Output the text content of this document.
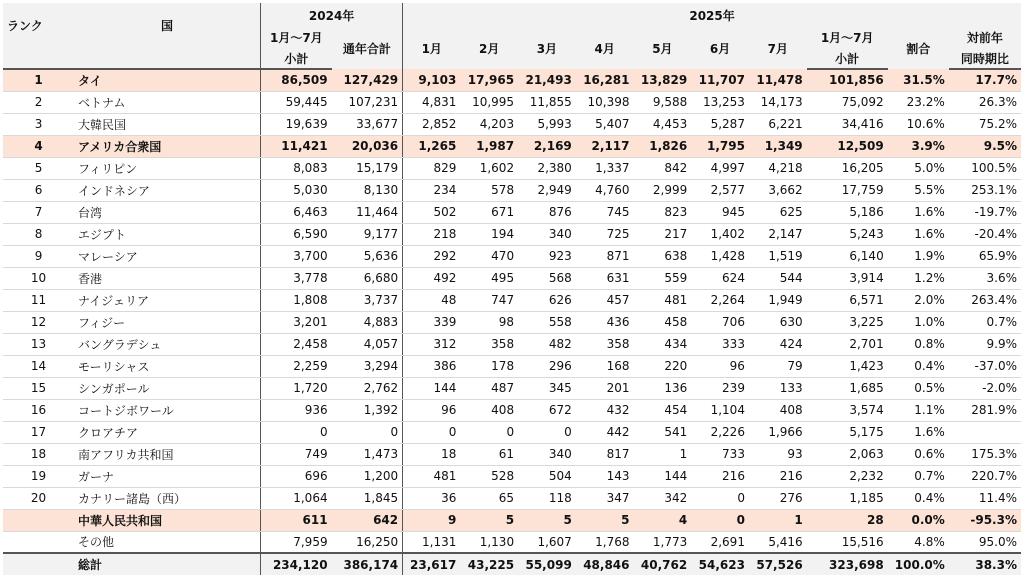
ランク	国	2024年		2025年									
		1月～7月	通年合計	1月	2月	3月	4月	5月	6月	7月	1月～7月	割合	対前年
		小計									小計		同時期比
1	タイ	86,509	127,429	9,103	17,965	21,493	16,281	13,829	11,707	11,478	101,856	31.5%	17.7%
2	ベトナム	59,445	107,231	4,831	10,995	11,855	10,398	9,588	13,253	14,173	75,092	23.2%	26.3%
3	大韓民国	19,639	33,677	2,852	4,203	5,993	5,407	4,453	5,287	6,221	34,416	10.6%	75.2%
4	アメリカ合衆国	11,421	20,036	1,265	1,987	2,169	2,117	1,826	1,795	1,349	12,509	3.9%	9.5%
5	フィリピン	8,083	15,179	829	1,602	2,380	1,337	842	4,997	4,218	16,205	5.0%	100.5%
6	インドネシア	5,030	8,130	234	578	2,949	4,760	2,999	2,577	3,662	17,759	5.5%	253.1%
7	台湾	6,463	11,464	502	671	876	745	823	945	625	5,186	1.6%	-19.7%
8	エジプト	6,590	9,177	218	194	340	725	217	1,402	2,147	5,243	1.6%	-20.4%
9	マレーシア	3,700	5,636	292	470	923	871	638	1,428	1,519	6,140	1.9%	65.9%
10	香港	3,778	6,680	492	495	568	631	559	624	544	3,914	1.2%	3.6%
11	ナイジェリア	1,808	3,737	48	747	626	457	481	2,264	1,949	6,571	2.0%	263.4%
12	フィジー	3,201	4,883	339	98	558	436	458	706	630	3,225	1.0%	0.7%
13	バングラデシュ	2,458	4,057	312	358	482	358	434	333	424	2,701	0.8%	9.9%
14	モーリシャス	2,259	3,294	386	178	296	168	220	96	79	1,423	0.4%	-37.0%
15	シンガポール	1,720	2,762	144	487	345	201	136	239	133	1,685	0.5%	-2.0%
16	コートジボワール	936	1,392	96	408	672	432	454	1,104	408	3,574	1.1%	281.9%
17	クロアチア	0	0	0	0	0	442	541	2,226	1,966	5,175	1.6%	
18	南アフリカ共和国	749	1,473	18	61	340	817	1	733	93	2,063	0.6%	175.3%
19	ガーナ	696	1,200	481	528	504	143	144	216	216	2,232	0.7%	220.7%
20	カナリー諸島（西）	1,064	1,845	36	65	118	347	342	0	276	1,185	0.4%	11.4%
	中華人民共和国	611	642	9	5	5	5	4	0	1	28	0.0%	-95.3%
	その他	7,959	16,250	1,131	1,130	1,607	1,768	1,773	2,691	5,416	15,516	4.8%	95.0%
	総計	234,120	386,174	23,617	43,225	55,099	48,846	40,762	54,623	57,526	323,698	100.0%	38.3%
